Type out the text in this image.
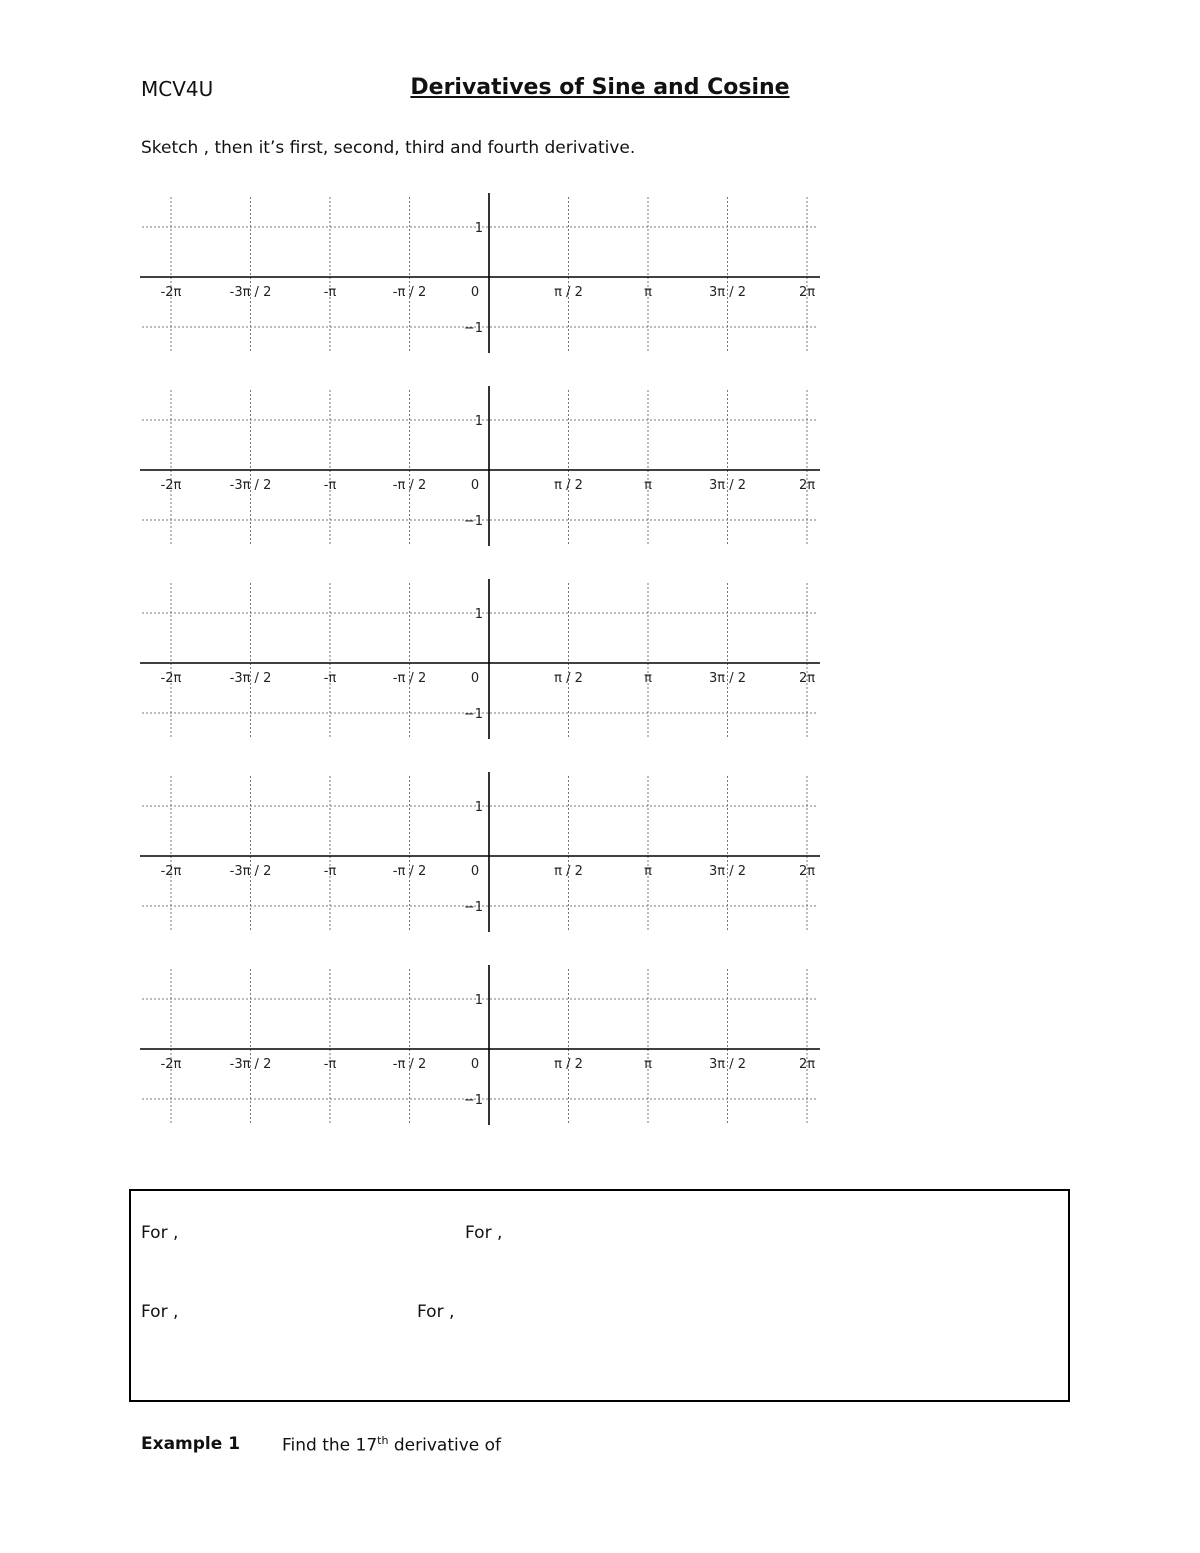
MCV4U	Derivatives of Sine and Cosine
Sketch , then it’s first, second, third and fourth derivative.
-2π	-3π / 2	-π	-π / 2	0	π / 2	π	3π / 2	2π
1
−1
-2π	-3π / 2	-π	-π / 2	0	π / 2	π	3π / 2	2π
1
−1
-2π	-3π / 2	-π	-π / 2	0	π / 2	π	3π / 2	2π
1
−1
-2π	-3π / 2	-π	-π / 2	0	π / 2	π	3π / 2	2π
1
−1
-2π	-3π / 2	-π	-π / 2	0	π / 2	π	3π / 2	2π
1
−1
For ,	For ,
For ,	For ,
Example 1 Find the 17th derivative of
